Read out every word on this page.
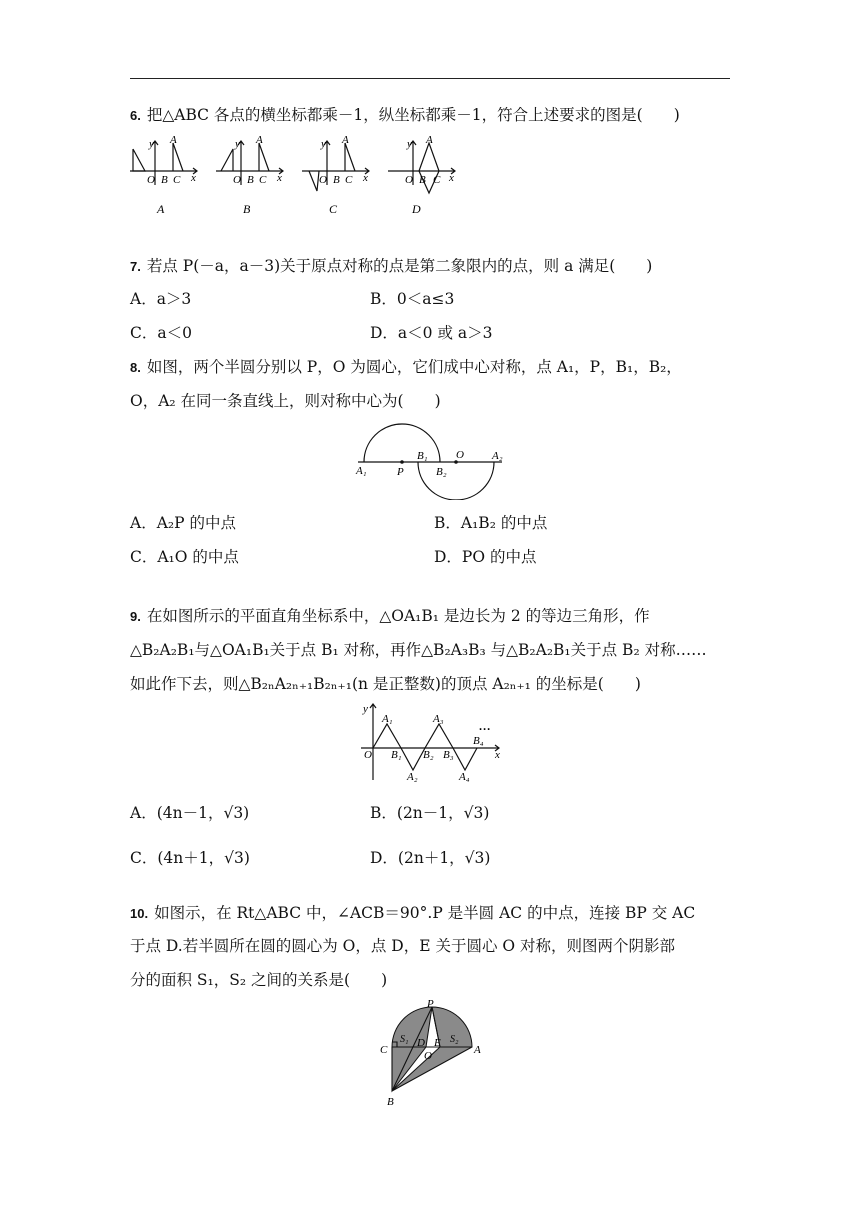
6. 把△ABC 各点的横坐标都乘－1，纵坐标都乘－1，符合上述要求的图是(　　)
y A
O B C x
A
y A
O B C x
B
y A
O B C x
C
y A
O B C x
D
7. 若点 P(－a，a－3)关于原点对称的点是第二象限内的点，则 a 满足(　　)
A．a＞3	B．0＜a≤3
C．a＜0	D．a＜0 或 a＞3
8. 如图，两个半圆分别以 P，O 为圆心，它们成中心对称，点 A₁，P，B₁，B₂，
O，A₂ 在同一条直线上，则对称中心为(　　)
A₁	P
B₁
B₂
O	A₂
A．A₂P 的中点	B．A₁B₂ 的中点
C．A₁O 的中点	D．PO 的中点
9. 在如图所示的平面直角坐标系中，△OA₁B₁ 是边长为 2 的等边三角形，作
△B₂A₂B₁与△OA₁B₁关于点 B₁ 对称，再作△B₂A₃B₃ 与△B₂A₂B₁关于点 B₂ 对称……
如此作下去，则△B₂ₙA₂ₙ₊₁B₂ₙ₊₁(n 是正整数)的顶点 A₂ₙ₊₁ 的坐标是(　　)
y
O
A₁
B₁
A₂
B₂
A₃
B₃
A₄
B₄
…
x
A．(4n－1，√3)	B．(2n－1，√3)
C．(4n＋1，√3)	D．(2n＋1，√3)
10. 如图示，在 Rt△ABC 中，∠ACB＝90°.P 是半圆 AC 的中点，连接 BP 交 AC
于点 D.若半圆所在圆的圆心为 O，点 D，E 关于圆心 O 对称，则图两个阴影部
分的面积 S₁，S₂ 之间的关系是(　　)
P
S₁	S₂
C
D E
O	A
B
